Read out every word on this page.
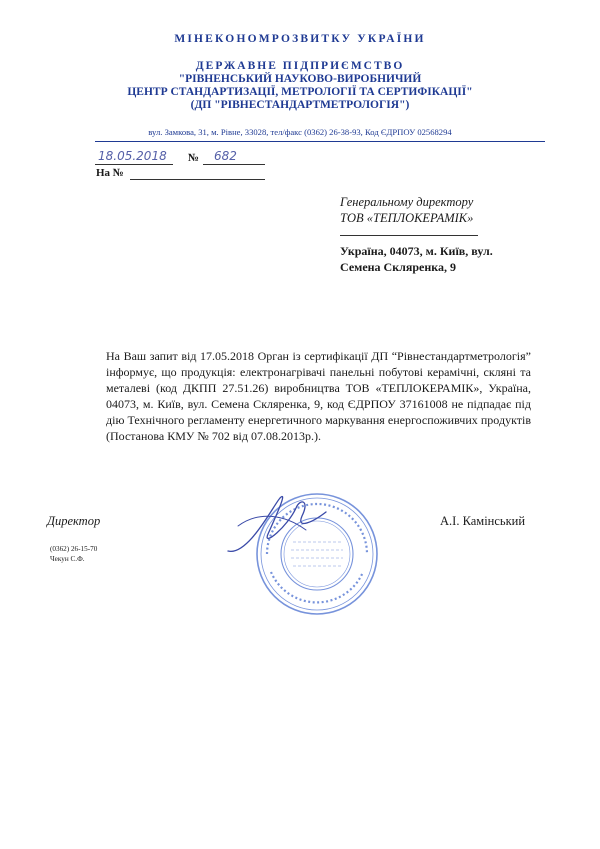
МІНЕКОНОМРОЗВИТКУ УКРАЇНИ
ДЕРЖАВНЕ ПІДПРИЄМСТВО
"РІВНЕНСЬКИЙ НАУКОВО-ВИРОБНИЧИЙ
ЦЕНТР СТАНДАРТИЗАЦІЇ, МЕТРОЛОГІЇ ТА СЕРТИФІКАЦІЇ"
(ДП "РІВНЕСТАНДАРТМЕТРОЛОГІЯ")
вул. Замкова, 31, м. Рівне, 33028, тел/факс (0362) 26-38-93, Код ЄДРПОУ 02568294
18.05.2018 № 682
На №
Генеральному директору
ТОВ «ТЕПЛОКЕРАМІК»
Україна, 04073, м. Київ, вул.
Семена Скляренка, 9
На Ваш запит від 17.05.2018 Орган із сертифікації ДП “Рівнестандартметрологія” інформує, що продукція: електронагрівачі панельні побутові керамічні, скляні та металеві (код ДКПП 27.51.26) виробництва ТОВ «ТЕПЛОКЕРАМІК», Україна, 04073, м. Київ, вул. Семена Скляренка, 9, код ЄДРПОУ 37161008 не підпадає під дію Технічного регламенту енергетичного маркування енергоспоживчих продуктів (Постанова КМУ № 702 від 07.08.2013р.).
Директор	А.І. Камінський
(0362) 26-15-70
Чекун С.Ф.
